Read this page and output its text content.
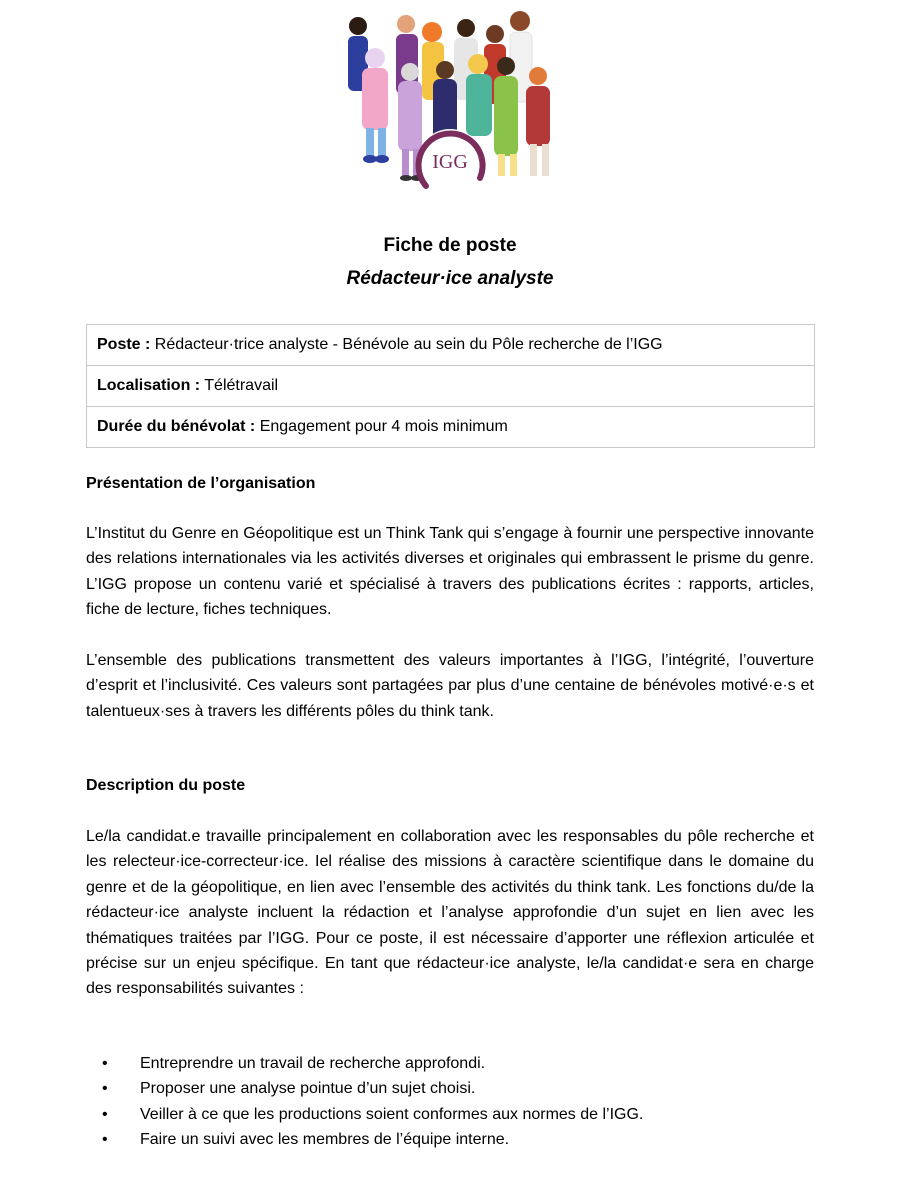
IGG
Fiche de poste
Rédacteur·ice analyste
Poste : Rédacteur·trice analyste - Bénévole au sein du Pôle recherche de l’IGG
Localisation : Télétravail
Durée du bénévolat : Engagement pour 4 mois minimum
Présentation de l’organisation

L’Institut du Genre en Géopolitique est un Think Tank qui s’engage à fournir une perspective innovante des relations internationales via les activités diverses et originales qui embrassent le prisme du genre. L’IGG propose un contenu varié et spécialisé à travers des publications écrites : rapports, articles, fiche de lecture, fiches techniques.

L’ensemble des publications transmettent des valeurs importantes à l’IGG, l’intégrité, l’ouverture d’esprit et l’inclusivité. Ces valeurs sont partagées par plus d’une centaine de bénévoles motivé·e·s et talentueux·ses à travers les différents pôles du think tank.

Description du poste

Le/la candidat.e travaille principalement en collaboration avec les responsables du pôle recherche et les relecteur·ice-correcteur·ice. Iel réalise des missions à caractère scientifique dans le domaine du genre et de la géopolitique, en lien avec l’ensemble des activités du think tank. Les fonctions du/de la rédacteur·ice analyste incluent la rédaction et l’analyse approfondie d’un sujet en lien avec les thématiques traitées par l’IGG. Pour ce poste, il est nécessaire d’apporter une réflexion articulée et précise sur un enjeu spécifique. En tant que rédacteur·ice analyste, le/la candidat·e sera en charge des responsabilités suivantes :

• Entreprendre un travail de recherche approfondi.
• Proposer une analyse pointue d’un sujet choisi.
• Veiller à ce que les productions soient conformes aux normes de l’IGG.
• Faire un suivi avec les membres de l’équipe interne.
